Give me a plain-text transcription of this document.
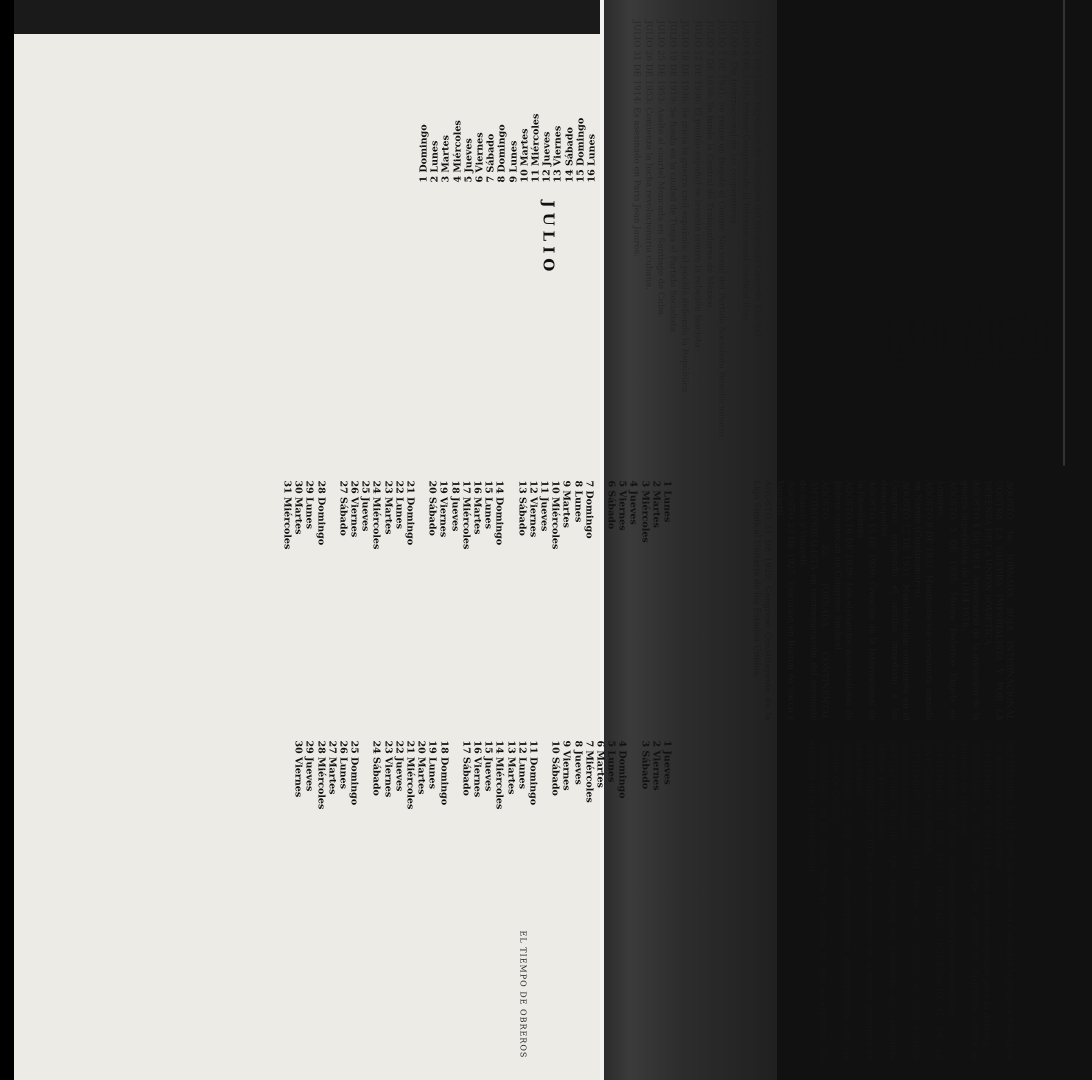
JULIO
1 Domingo 2 Lunes 3 Martes 4 Miércoles 5 Jueves 6 Viernes 7 Sábado 8 Domingo 9 Lunes 10 Martes 11 Miércoles 12 Jueves 13 Viernes 14 Sábado 15 Domingo 16 Lunes	JULIO 1 DE 1868: Expulsión de Colombia del esforzado Gerardo Stachel.

JULIO 4 DE 1919: Primer Congreso de la Internacional Sindical Roja.

JULIO 6: Día Internacional de las cooperativas.

JULIO 1 DE 1931: Se reune en Bogotá el Comité Nacional del Partido Socialista Revolucionario.

JULIO 7 DE 1936: Se funda la Central de Trabajadores de México.

JULIO 12 DE 1936: El pueblo español se levanta contra la rebelión fascista.

JULIO 18 DE 1936: Se inicia la guerra civil española; el pueblo defiende la República.

JULIO 19 DE 1919: Se funda en la ciudad de Tunja el Partido Socialista.

JULIO 25 DE 1953: Asalto al cuartel Moncada en Santiago de Cuba.

JULIO 26 DE 1953: Comienza la lucha revolucionaria cubana.

JULIO 31 DE 1914: Es asesinado en París Jean Jaurès.

17 Martes 18 Miércoles 19 Jueves 20 Viernes 21 Sábado 22 Domingo 23 Lunes 24 Martes 25 Miércoles 26 Jueves 27 Viernes 28 Sábado 29 Domingo 30 Lunes 31 Martes
AGOSTO

AGOSTO 1o: JORNADA ROJA INTERNACIONAL CONTRA LA GUERRA IMPERIALISTA Y POR LA DEFENSA DE LA UNION SOVIETICA.

AGOSTO 4 DE 1914: Aniversario de la iniciación de la guerra imperialista de 1914-1918.

AGOSTO 5 DE 1895: Muere Federico Engels en Londres.

AGOSTO 8 DE 1931: Manifestación comunista armada en Nariño (Cundinamarca).

AGOSTO 12 DE 1931: Manifestación comunista en el Congreso, exigiendo el auxilio inmediato a los desocupados.

AGOSTO 15 DE 1929: Creación de la Internacional de la Enseñanza.

AGOSTO 16 DE 1929: Los elementos nacionalistas de Bolivia convocan un Congreso Sindical.

AGOSTO 22: JORNADA CONTINENTAL ANTIIMPERIALISTA en conmemoración del asesinato de Sacco y Vanzetti.

AGOSTO 23 DE 1927: Ejecución en Boston de Sacco y Vanzetti.

AGOSTO 31 DE 1929: Congreso Constituyente de la Liga Sindical Unitaria de los Estados Unidos.

1 Lunes
2 Martes
3 Miércoles
4 Jueves
5 Viernes
6 Sábado
7 Domingo
8 Lunes
9 Martes
10 Miércoles
11 Jueves
12 Viernes
13 Sábado
14 Domingo
15 Lunes
16 Martes
17 Miércoles
18 Jueves
19 Viernes
20 Sábado
21 Domingo
22 Lunes
23 Martes
24 Miércoles
25 Jueves
26 Viernes
27 Sábado
28 Domingo
29 Lunes
30 Martes
31 Miércoles
SEPTIEMBRE

SEPTIEMBRE 1o DE 1939: Se declara en Colombia la primera huelga de los ferroviarios de La Dorada.

SEPTIEMBRE 4 DE 1914: La clase obrera se organiza para la defensa.

SEPTIEMBRE 6 DE 1930: Golpe de estado en Argentina contra el gobierno de Yrigoyen.

SEPTIEMBRE 9 DE 1936: Conferencia de los países socialistas.

SEPTIEMBRE 11 DE 1927: JORNADA INTERNACIONAL DE LA JUVENTUD PROLETARIA.

SEPTIEMBRE 16 DE 1931: Muere en Colombia el gran escritor comunista Luis Tejada.

SEPTIEMBRE 20 DE 1926: Expulsión de Colombia del comunista italiano Vicente Adamo.

SEPTIEMBRE 21 DE 1928: Las conmociones de la región bananera de Santa Marta.

SEPTIEMBRE 27 DE 1929: Pronunciamiento revolucionario en San Vicente de Chucurí.

SEPTIEMBRE 28 DE 1864: Mitin en Londres en que se aprueban los estatutos de la I Internacional.

1 Jueves
2 Viernes
3 Sábado
4 Domingo
5 Lunes
6 Martes
7 Miércoles
8 Jueves
9 Viernes
10 Sábado
11 Domingo
12 Lunes
13 Martes
14 Miércoles
15 Jueves
16 Viernes
17 Sábado
18 Domingo
19 Lunes
20 Martes
21 Miércoles
22 Jueves
23 Viernes
24 Sábado
25 Domingo
26 Lunes
27 Martes
28 Miércoles
29 Jueves
30 Viernes
EL TIEMPO DE OBREROS
